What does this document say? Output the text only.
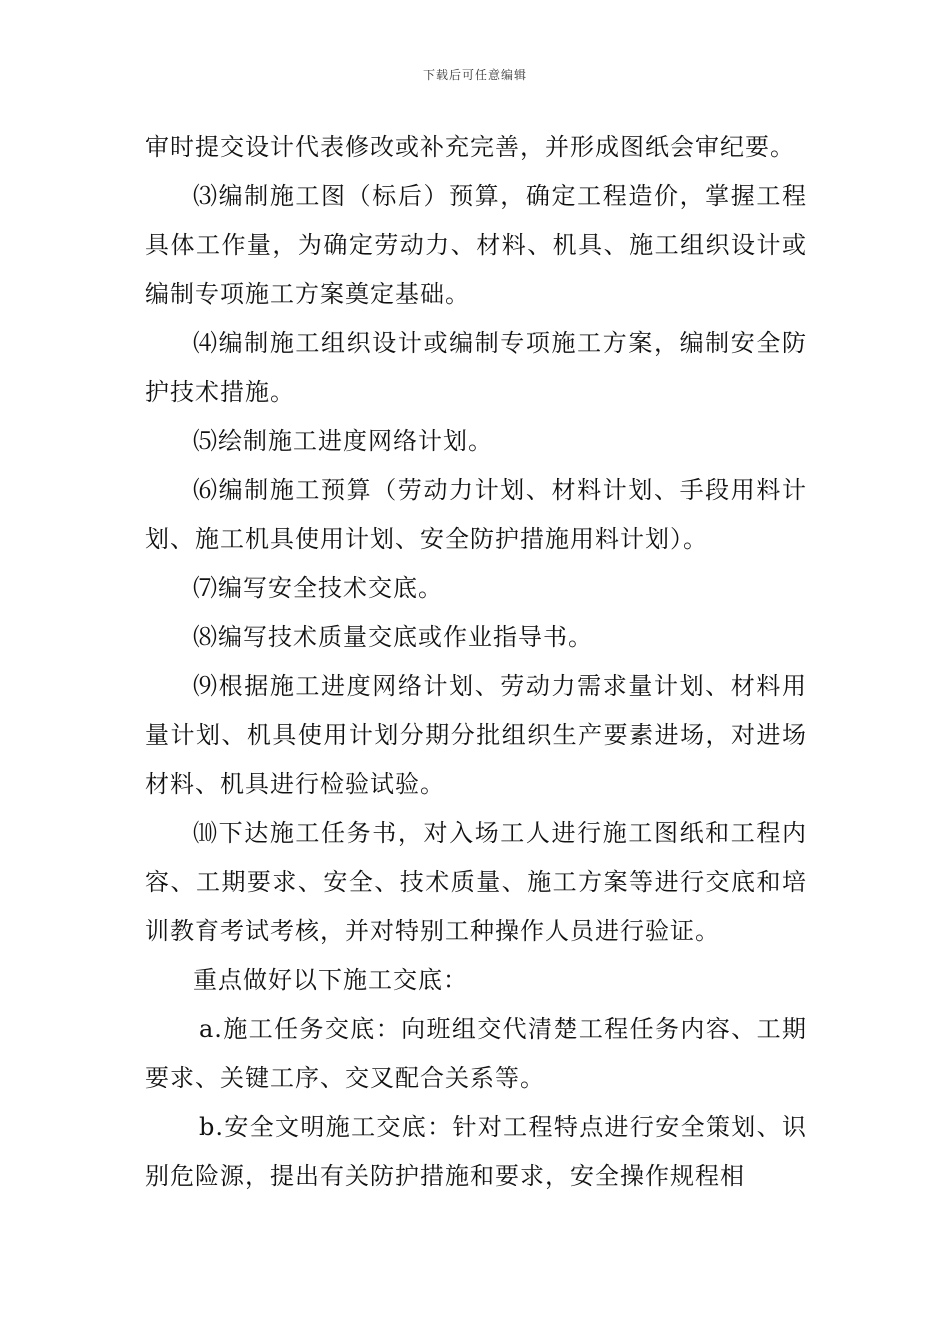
下载后可任意编辑

审时提交设计代表修改或补充完善，并形成图纸会审纪要。

⑶编制施工图（标后）预算，确定工程造价，掌握工程具体工作量，为确定劳动力、材料、机具、施工组织设计或编制专项施工方案奠定基础。

⑷编制施工组织设计或编制专项施工方案，编制安全防护技术措施。

⑸绘制施工进度网络计划。

⑹编制施工预算（劳动力计划、材料计划、手段用料计划、施工机具使用计划、安全防护措施用料计划）。

⑺编写安全技术交底。

⑻编写技术质量交底或作业指导书。

⑼根据施工进度网络计划、劳动力需求量计划、材料用量计划、机具使用计划分期分批组织生产要素进场，对进场材料、机具进行检验试验。

⑽下达施工任务书，对入场工人进行施工图纸和工程内容、工期要求、安全、技术质量、施工方案等进行交底和培训教育考试考核，并对特别工种操作人员进行验证。

重点做好以下施工交底：

a.施工任务交底：向班组交代清楚工程任务内容、工期要求、关键工序、交叉配合关系等。

b.安全文明施工交底：针对工程特点进行安全策划、识别危险源，提出有关防护措施和要求，安全操作规程相
